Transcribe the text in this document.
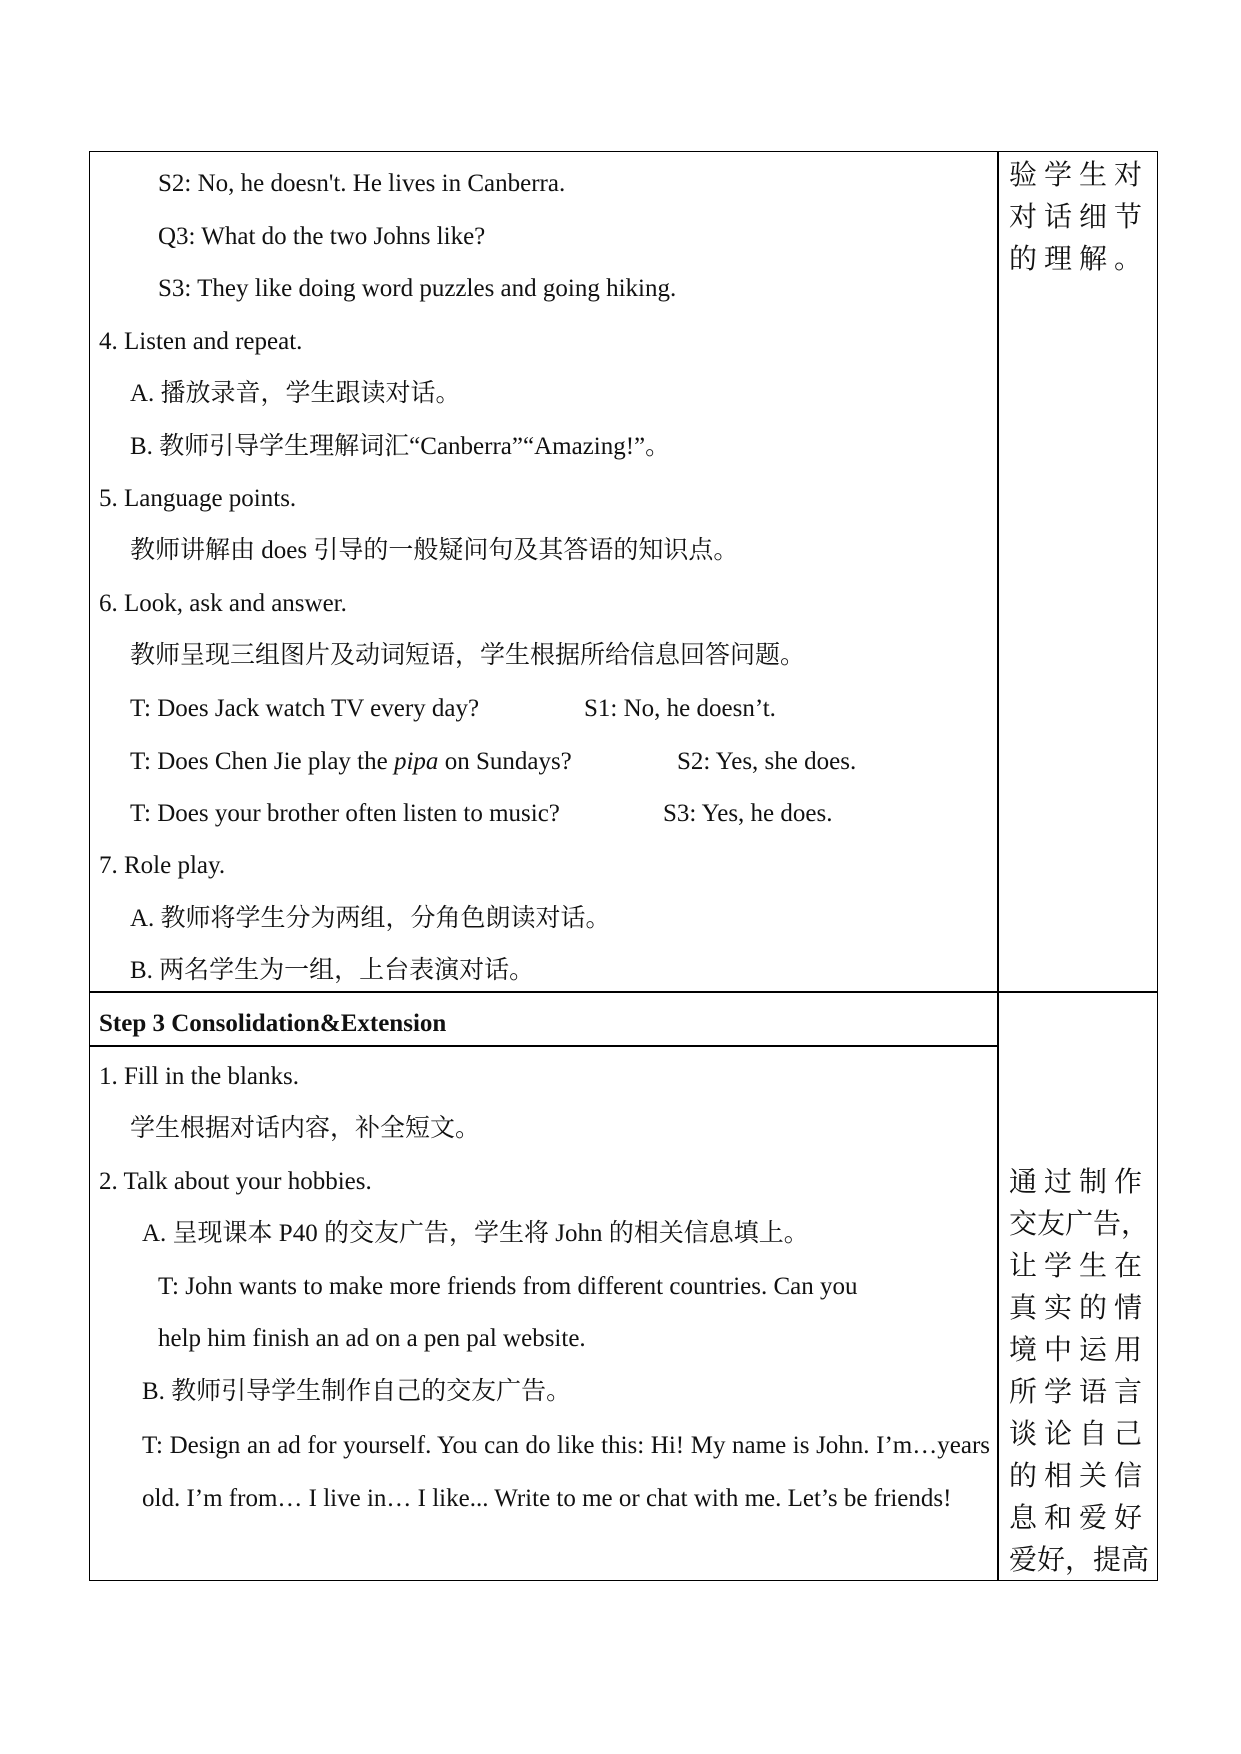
S2: No, he doesn't. He lives in Canberra.
Q3: What do the two Johns like?
S3: They like doing word puzzles and going hiking.
4. Listen and repeat.
A. 播放录音，学生跟读对话。
B. 教师引导学生理解词汇“Canberra”“Amazing!”。
5. Language points.
教师讲解由 does 引导的一般疑问句及其答语的知识点。
6. Look, ask and answer.
教师呈现三组图片及动词短语，学生根据所给信息回答问题。
T: Does Jack watch TV every day?	S1: No, he doesn’t.
T: Does Chen Jie play the pipa on Sundays?	S2: Yes, she does.
T: Does your brother often listen to music?	S3: Yes, he does.
7. Role play.
A. 教师将学生分为两组，分角色朗读对话。
B. 两名学生为一组，上台表演对话。
验学生对
对话细节
的理解。
Step 3 Consolidation&Extension
1. Fill in the blanks.
学生根据对话内容，补全短文。
2. Talk about your hobbies.
A. 呈现课本 P40 的交友广告，学生将 John 的相关信息填上。
T: John wants to make more friends from different countries. Can you
help him finish an ad on a pen pal website.
B. 教师引导学生制作自己的交友广告。
T: Design an ad for yourself. You can do like this: Hi! My name is John. I’m…years old. I’m from… I live in… I like... Write to me or chat with me. Let’s be friends!
通过制作
交友广告，
让学生在
真实的情
境中运用
所学语言
谈论自己
的相关信
息和爱好
爱好，提高
